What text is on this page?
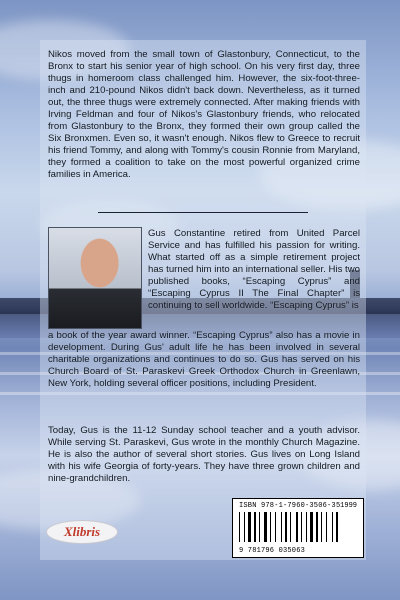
Nikos moved from the small town of Glastonbury, Connecticut, to the Bronx to start his senior year of high school. On his very first day, three thugs in homeroom class challenged him. However, the six-foot-three-inch and 210-pound Nikos didn't back down. Nevertheless, as it turned out, the three thugs were extremely connected. After making friends with Irving Feldman and four of Nikos's Glastonbury friends, who relocated from Glastonbury to the Bronx, they formed their own group called the Six Bronxmen. Even so, it wasn't enough. Nikos flew to Greece to recruit his friend Tommy, and along with Tommy's cousin Ronnie from Maryland, they formed a coalition to take on the most powerful organized crime families in America.
Gus Constantine retired from United Parcel Service and has fulfilled his passion for writing. What started off as a simple retirement project has turned him into an international seller. His two published books, “Escaping Cyprus” and “Escaping Cyprus II The Final Chapter” is continuing to sell worldwide. “Escaping Cyprus” is
a book of the year award winner. “Escaping Cyprus” also has a movie in development. During Gus' adult life he has been involved in several charitable organizations and continues to do so. Gus has served on his Church Board of St. Paraskevi Greek Orthodox Church in Greenlawn, New York, holding several officer positions, including President.
Today, Gus is the 11-12 Sunday school teacher and a youth advisor. While serving St. Paraskevi, Gus wrote in the monthly Church Magazine. He is also the author of several short stories. Gus lives on Long Island with his wife Georgia of forty-years. They have three grown children and nine-grandchildren.
Xlibris
ISBN 978-1-7960-3506-3 51999
9 781796 035063
